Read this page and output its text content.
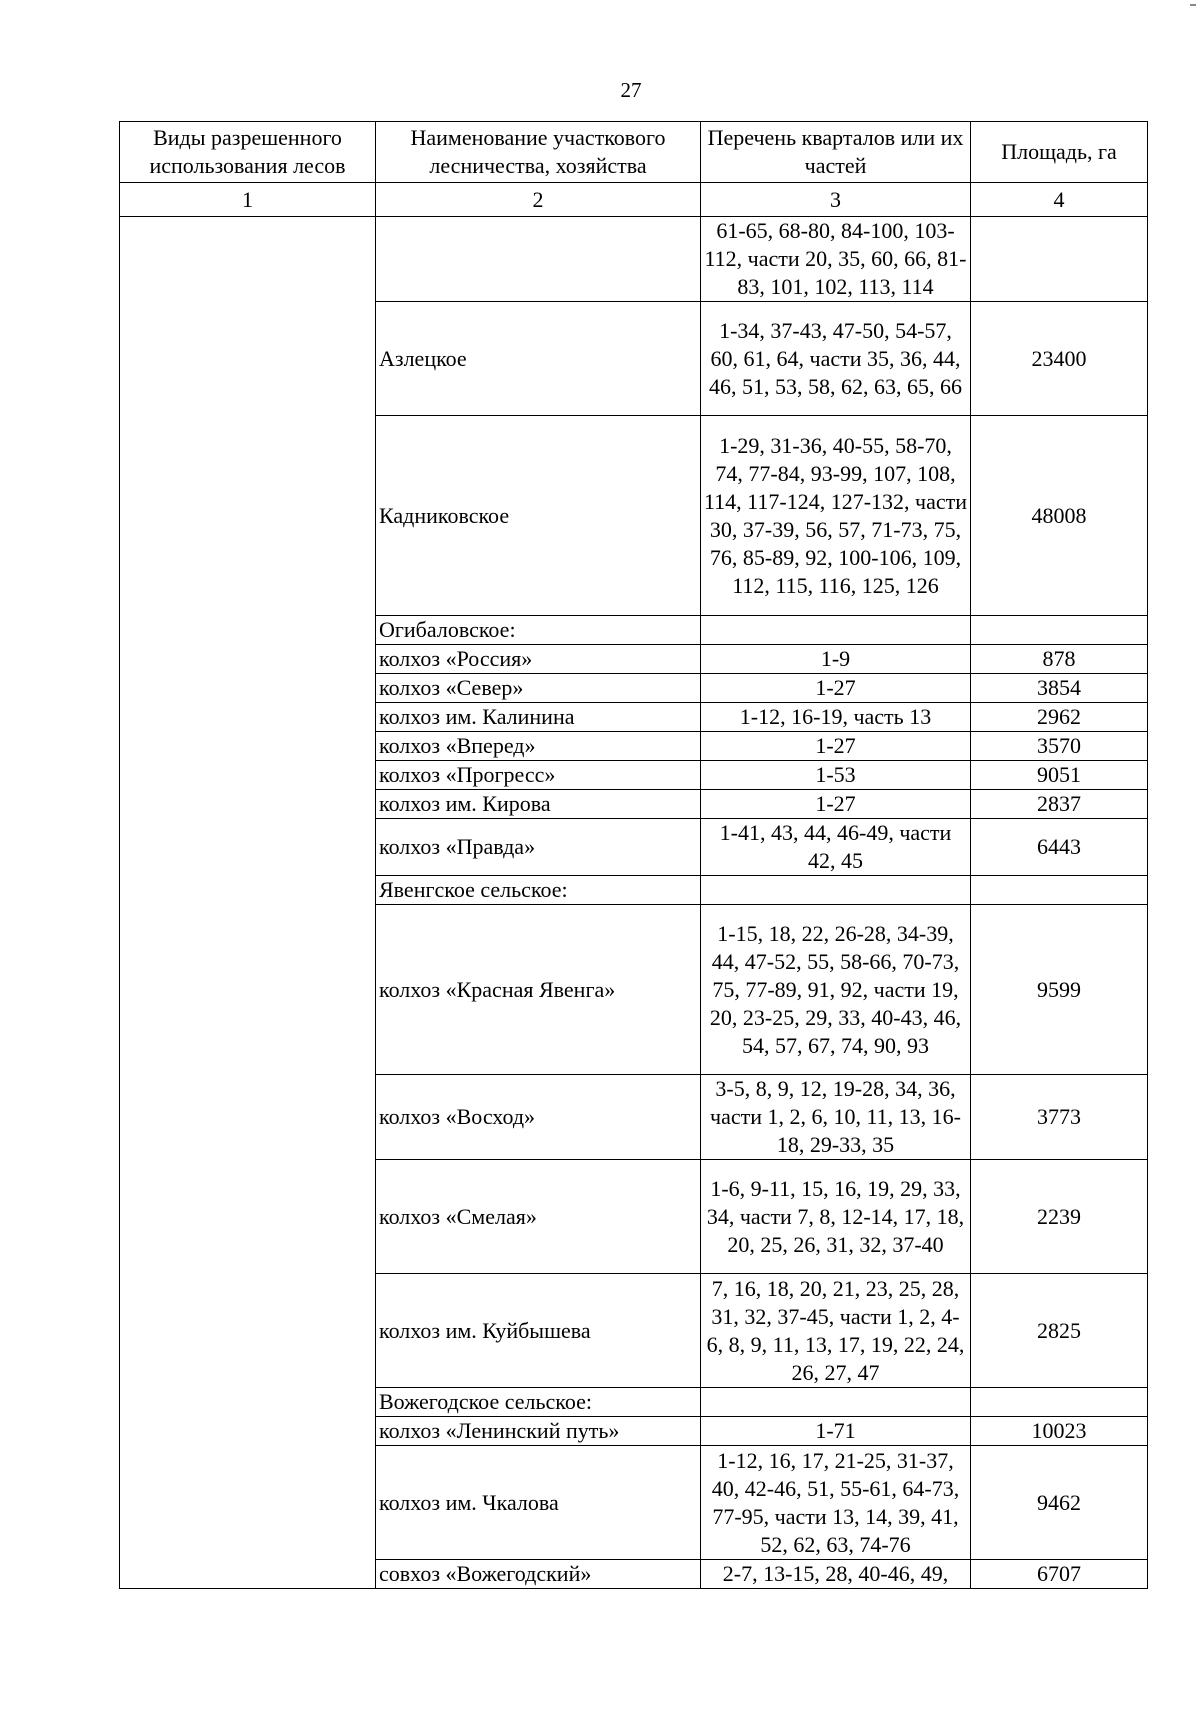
27
Виды разрешенного использования лесов	Наименование участкового лесничества, хозяйства	Перечень кварталов или их частей	Площадь, га
1	2	3	4
		61-65, 68-80, 84-100, 103-112, части 20, 35, 60, 66, 81-83, 101, 102, 113, 114	
	Азлецкое	1-34, 37-43, 47-50, 54-57, 60, 61, 64, части 35, 36, 44, 46, 51, 53, 58, 62, 63, 65, 66	23400
	Кадниковское	1-29, 31-36, 40-55, 58-70, 74, 77-84, 93-99, 107, 108, 114, 117-124, 127-132, части 30, 37-39, 56, 57, 71-73, 75, 76, 85-89, 92, 100-106, 109, 112, 115, 116, 125, 126	48008
	Огибаловское:		
	колхоз «Россия»	1-9	878
	колхоз «Север»	1-27	3854
	колхоз им. Калинина	1-12, 16-19, часть 13	2962
	колхоз «Вперед»	1-27	3570
	колхоз «Прогресс»	1-53	9051
	колхоз им. Кирова	1-27	2837
	колхоз «Правда»	1-41, 43, 44, 46-49, части 42, 45	6443
	Явенгское сельское:		
	колхоз «Красная Явенга»	1-15, 18, 22, 26-28, 34-39, 44, 47-52, 55, 58-66, 70-73, 75, 77-89, 91, 92, части 19, 20, 23-25, 29, 33, 40-43, 46, 54, 57, 67, 74, 90, 93	9599
	колхоз «Восход»	3-5, 8, 9, 12, 19-28, 34, 36, части 1, 2, 6, 10, 11, 13, 16-18, 29-33, 35	3773
	колхоз «Смелая»	1-6, 9-11, 15, 16, 19, 29, 33, 34, части 7, 8, 12-14, 17, 18, 20, 25, 26, 31, 32, 37-40	2239
	колхоз им. Куйбышева	7, 16, 18, 20, 21, 23, 25, 28, 31, 32, 37-45, части 1, 2, 4-6, 8, 9, 11, 13, 17, 19, 22, 24, 26, 27, 47	2825
	Вожегодское сельское:		
	колхоз «Ленинский путь»	1-71	10023
	колхоз им. Чкалова	1-12, 16, 17, 21-25, 31-37, 40, 42-46, 51, 55-61, 64-73, 77-95, части 13, 14, 39, 41, 52, 62, 63, 74-76	9462
	совхоз «Вожегодский»	2-7, 13-15, 28, 40-46, 49,	6707
